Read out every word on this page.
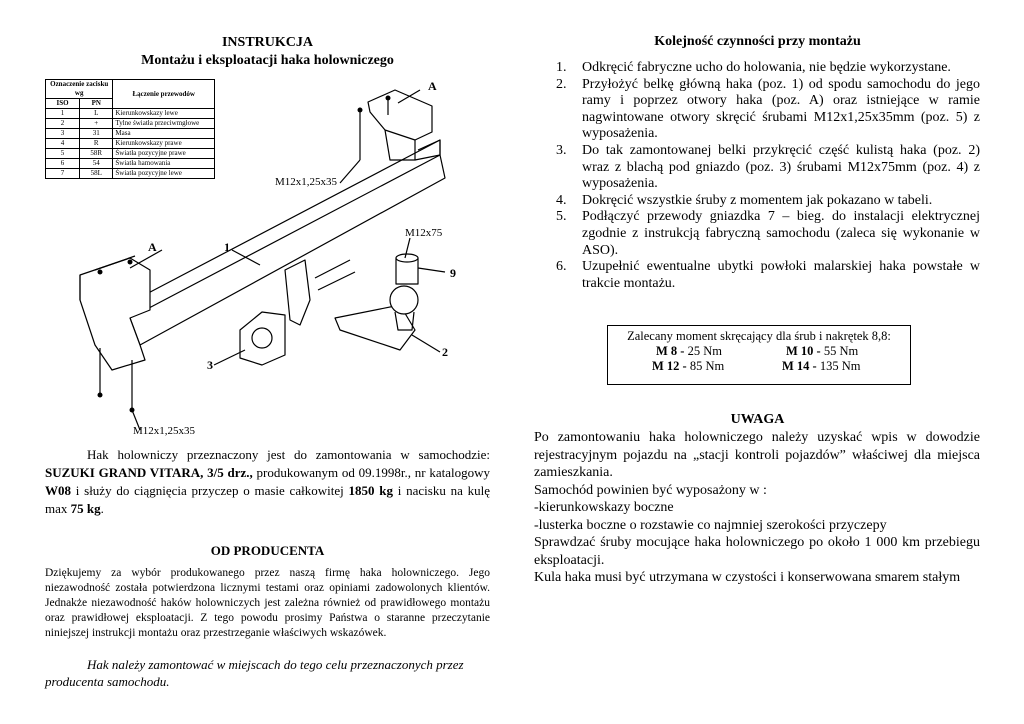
INSTRUKCJA
Montażu i eksploatacji haka holowniczego
Oznaczenie zacisku wg		Łączenie przewodów
ISO	PN	
1	L	Kierunkowskazy lewe
2	+	Tylne światła przeciwmgłowe
3	31	Masa
4	R	Kierunkowskazy prawe
5	58R	Światła pozycyjne prawe
6	54	Światła hamowania
7	58L	Światła pozycyjne lewe
A
A	1
2
3
9
M12x1,25x35
M12x75
M12x1,25x35
Hak holowniczy przeznaczony jest do zamontowania w samochodzie: SUZUKI GRAND VITARA, 3/5 drz., produkowanym od 09.1998r., nr katalogowy W08 i służy do ciągnięcia przyczep o masie całkowitej 1850 kg i nacisku na kulę max 75 kg.
OD PRODUCENTA
Dziękujemy za wybór produkowanego przez naszą firmę haka holowniczego. Jego niezawodność została potwierdzona licznymi testami oraz opiniami zadowolonych klientów. Jednakże niezawodność haków holowniczych jest zależna również od prawidłowego montażu oraz prawidłowej eksploatacji. Z tego powodu prosimy Państwa o staranne przeczytanie niniejszej instrukcji montażu oraz przestrzeganie właściwych wskazówek.
Hak należy zamontować w miejscach do tego celu przeznaczonych przez producenta samochodu.
Kolejność czynności przy montażu
1. Odkręcić fabryczne ucho do holowania, nie będzie wykorzystane.
2. Przyłożyć belkę główną haka (poz. 1) od spodu samochodu do jego ramy i poprzez otwory haka (poz. A) oraz istniejące w ramie nagwintowane otwory skręcić śrubami M12x1,25x35mm (poz. 5) z wyposażenia.
3. Do tak zamontowanej belki przykręcić część kulistą haka (poz. 2) wraz z blachą pod gniazdo (poz. 3) śrubami M12x75mm (poz. 4) z wyposażenia.
4. Dokręcić wszystkie śruby z momentem jak pokazano w tabeli.
5. Podłączyć przewody gniazdka 7 – bieg. do instalacji elektrycznej zgodnie z instrukcją fabryczną samochodu (zaleca się wykonanie w ASO).
6. Uzupełnić ewentualne ubytki powłoki malarskiej haka powstałe w trakcie montażu.
Zalecany moment skręcający dla śrub i nakrętek 8,8:
M 8 - 25 Nm	M 10 - 55 Nm
M 12 - 85 Nm	M 14 - 135 Nm
UWAGA

Po zamontowaniu haka holowniczego należy uzyskać wpis w dowodzie rejestracyjnym pojazdu na „stacji kontroli pojazdów” właściwej dla miejsca zamieszkania.

Samochód powinien być wyposażony w :

-kierunkowskazy boczne

-lusterka boczne o rozstawie co najmniej szerokości przyczepy

Sprawdzać śruby mocujące haka holowniczego po około 1 000 km przebiegu eksploatacji.

Kula haka musi być utrzymana w czystości i konserwowana smarem stałym
